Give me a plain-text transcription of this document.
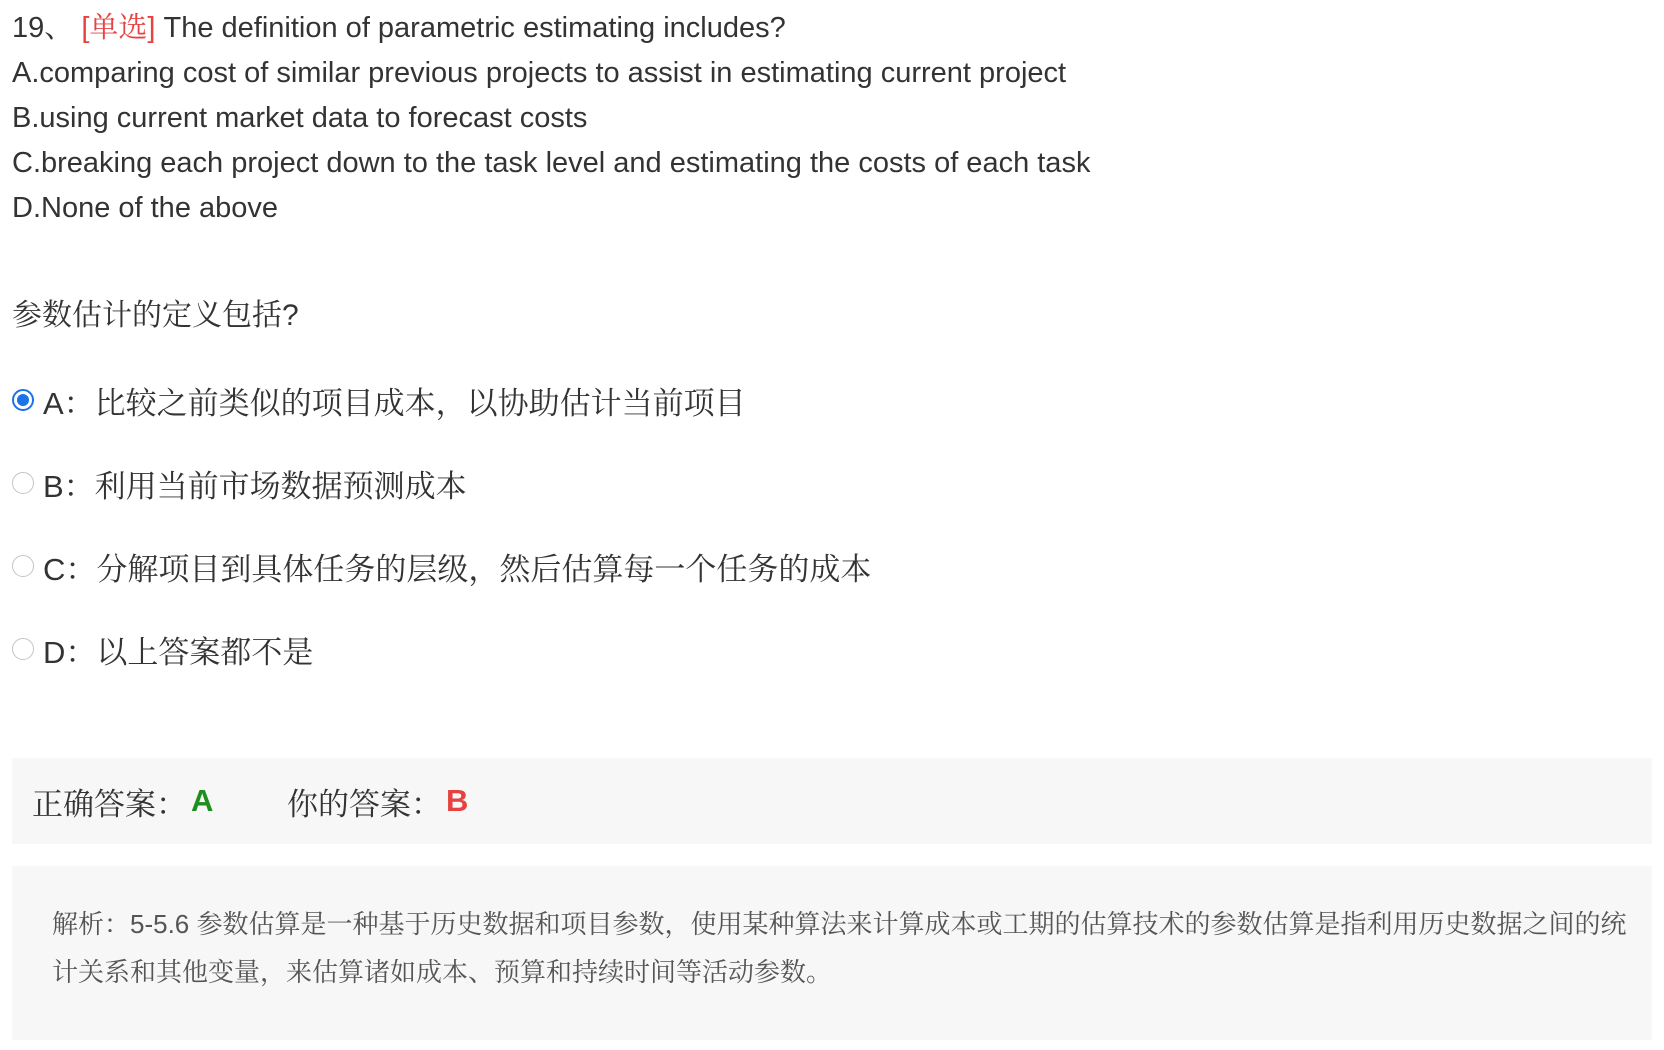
19、 [单选] The definition of parametric estimating includes?
A.comparing cost of similar previous projects to assist in estimating current project
B.using current market data to forecast costs
C.breaking each project down to the task level and estimating the costs of each task
D.None of the above
参数估计的定义包括?
A：比较之前类似的项目成本，以协助估计当前项目
B：利用当前市场数据预测成本
C：分解项目到具体任务的层级，然后估算每一个任务的成本
D：以上答案都不是
正确答案： A 你的答案： B
解析：5-5.6 参数估算是一种基于历史数据和项目参数，使用某种算法来计算成本或工期的估算技术的参数估算是指利用历史数据之间的统计关系和其他变量，来估算诸如成本、预算和持续时间等活动参数。
